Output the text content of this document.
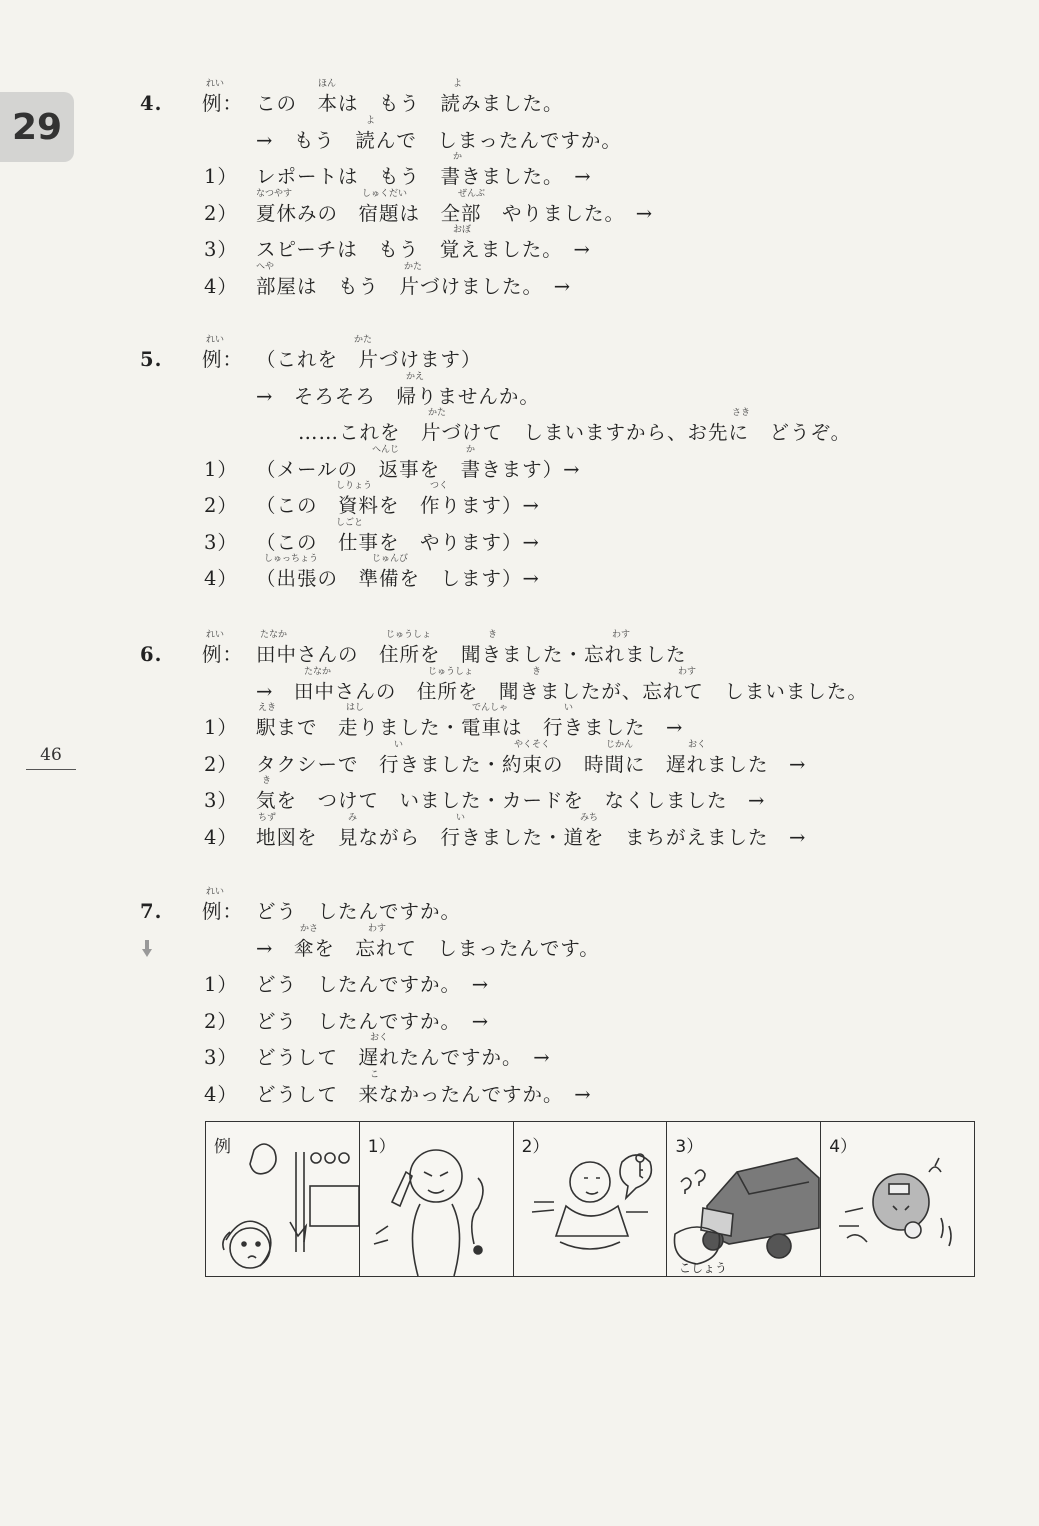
29
46
4.
れい
例：
ほん	よ
この　本は　もう　読みました。
よ
→　もう　読んで　しまったんですか。
か
1） レポートは　もう　書きました。　→
なつやす	しゅくだい	ぜんぶ
2） 夏休みの　宿題は　全部　やりました。　→
おぼ
3） スピーチは　もう　覚えました。　→
へや	かた
4） 部屋は　もう　片づけました。　→
5.
れい
例：
かた
（これを　片づけます）
かえ
→　そろそろ　帰りませんか。
かた	さき
……これを　片づけて　しまいますから、お先に　どうぞ。
へんじ	か
1） （メールの　返事を　書きます）→
しりょう	つく
2） （この　資料を　作ります）→
しごと
3） （この　仕事を　やります）→
しゅっちょう	じゅんび
4） （出張の　準備を　します）→
6.
れい
例：
たなか	じゅうしょ	き	わす
田中さんの　住所を　聞きました・忘れました
たなか	じゅうしょ	き	わす
→　田中さんの　住所を　聞きましたが、忘れて　しまいました。
えき	はし	でんしゃ	い
1） 駅まで　走りました・電車は　行きました　→
い	やくそく	じかん	おく
2） タクシーで　行きました・約束の　時間に　遅れました　→
き
3） 気を　つけて　いました・カードを　なくしました　→
ちず	み	い	みち
4） 地図を　見ながら　行きました・道を　まちがえました　→
7.
れい
例： どう　したんですか。
かさ	わす
→　傘を　忘れて　しまったんです。
1） どう　したんですか。　→
2） どう　したんですか。　→
おく
3） どうして　遅れたんですか。　→
こ
4） どうして　来なかったんですか。　→
例	1）	2）
こしょう
3）	4）
